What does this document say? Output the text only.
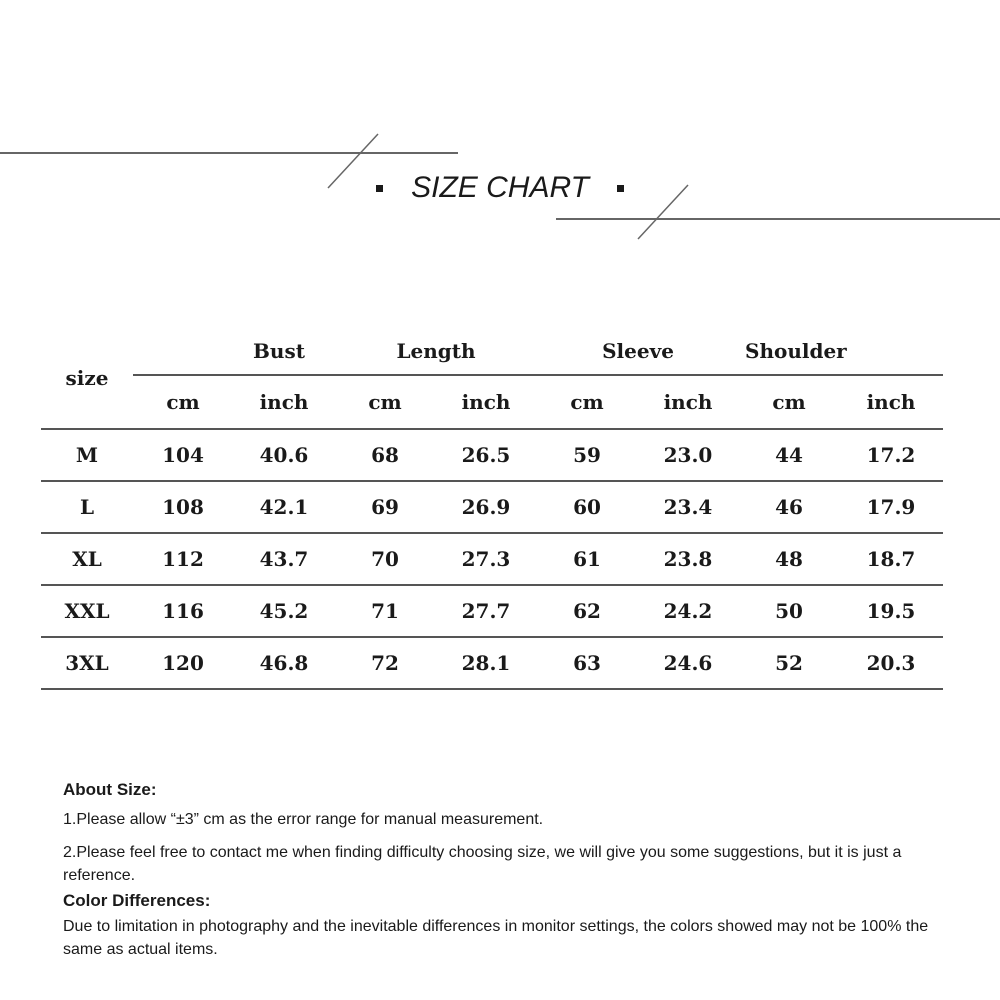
SIZE CHART
size	Bust		Length		Sleeve		Shoulder	
	cm	inch	cm	inch	cm	inch	cm	inch
M	104	40.6	68	26.5	59	23.0	44	17.2
L	108	42.1	69	26.9	60	23.4	46	17.9
XL	112	43.7	70	27.3	61	23.8	48	18.7
XXL	116	45.2	71	27.7	62	24.2	50	19.5
3XL	120	46.8	72	28.1	63	24.6	52	20.3
About Size:

1.Please allow “±3” cm as the error range for manual measurement.

2.Please feel free to contact me when finding difficulty choosing size, we will give you some suggestions, but it is just a reference.

Color Differences:

Due to limitation in photography and the inevitable differences in monitor settings, the colors showed may not be 100% the same as actual items.
